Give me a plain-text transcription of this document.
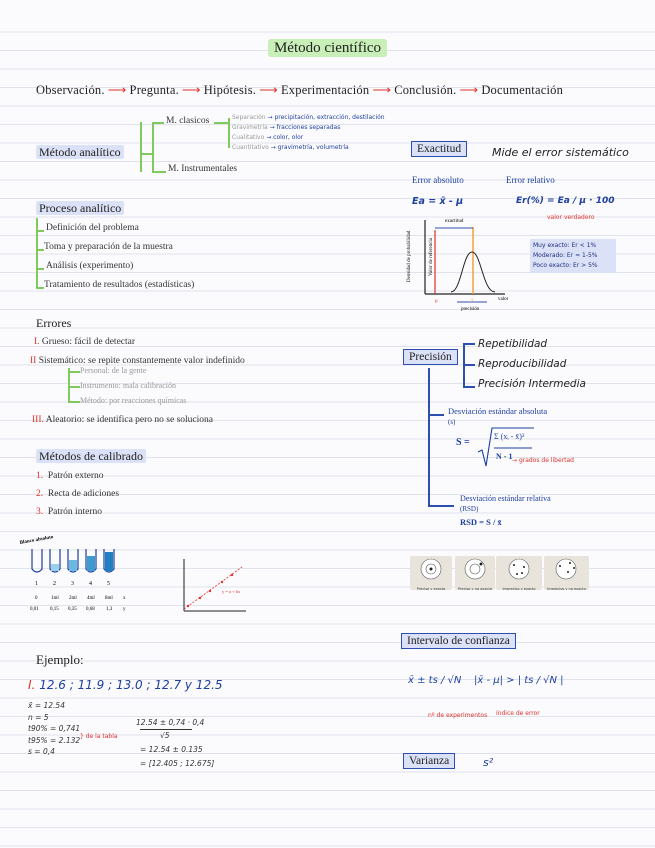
Método científico
Observación. ⟶ Pregunta. ⟶ Hipótesis. ⟶ Experimentación ⟶ Conclusión. ⟶ Documentación
Método analítico
M. clasicos
M. Instrumentales
Separación → precipitación, extracción, destilación
Gravimetría → fracciones separadas
Cualitativo → color, olor
Cuantitativo → gravimetría, volumetría	Exactitud	Mide el error sistemático
Error absoluto	Error relativo
Ea = x̄ - μ	Er(%) = Ea / μ · 100
valor verdadero
Muy exacto: Er < 1%
Moderado: Er ≈ 1-5%
Poco exacto: Er > 5%
μ	x̄
exactitud
precisión
valor
Densidad de probabilidad	Valor de referencia
Proceso analítico
Definición del problema
Toma y preparación de la muestra
Análisis (experimento)
Tratamiento de resultados (estadísticas)
Errores
I. Grueso: fácil de detectar
II Sistemático: se repite constantemente valor indefinido
Personal: de la gente
Instrumento: mala calibración
Método: por reacciones químicas
III. Aleatorio: se identifica pero no se soluciona
Precisión
Repetibilidad
Reproducibilidad
Precisión Intermedia
Desviación estándar absoluta
(s)
S =
Σ (xᵢ - x̄)²
N - 1 → grados de libertad
Desviación estándar relativa
(RSD)
RSD = S / x̄
Métodos de calibrado
1. Patrón externo
2. Recta de adiciones
3. Patrón interno
Blanco absoluto
1	2	3	4	5
0	1ml 2ml 4ml 8ml x
0,01 0,15 0,35 0,68 1,3 y
y = a + bx	Preciso y exacto	Preciso y no exacto	Impreciso y exacto	Impreciso y no exacto
Intervalo de confianza
x̄ ± ts / √N |x̄ - μ| > | ts / √N |
nº de experimentos índice de error
Varianza	s²
Ejemplo:
I. 12.6 ; 11.9 ; 13.0 ; 12.7 y 12.5
x̄ = 12.54
n = 5
t90% = 0,741
t95% = 2.132
s = 0,4
} de la tabla
12.54 ± 0,74 · 0,4
√5
= 12.54 ± 0.135
= [12.405 ; 12.675]
